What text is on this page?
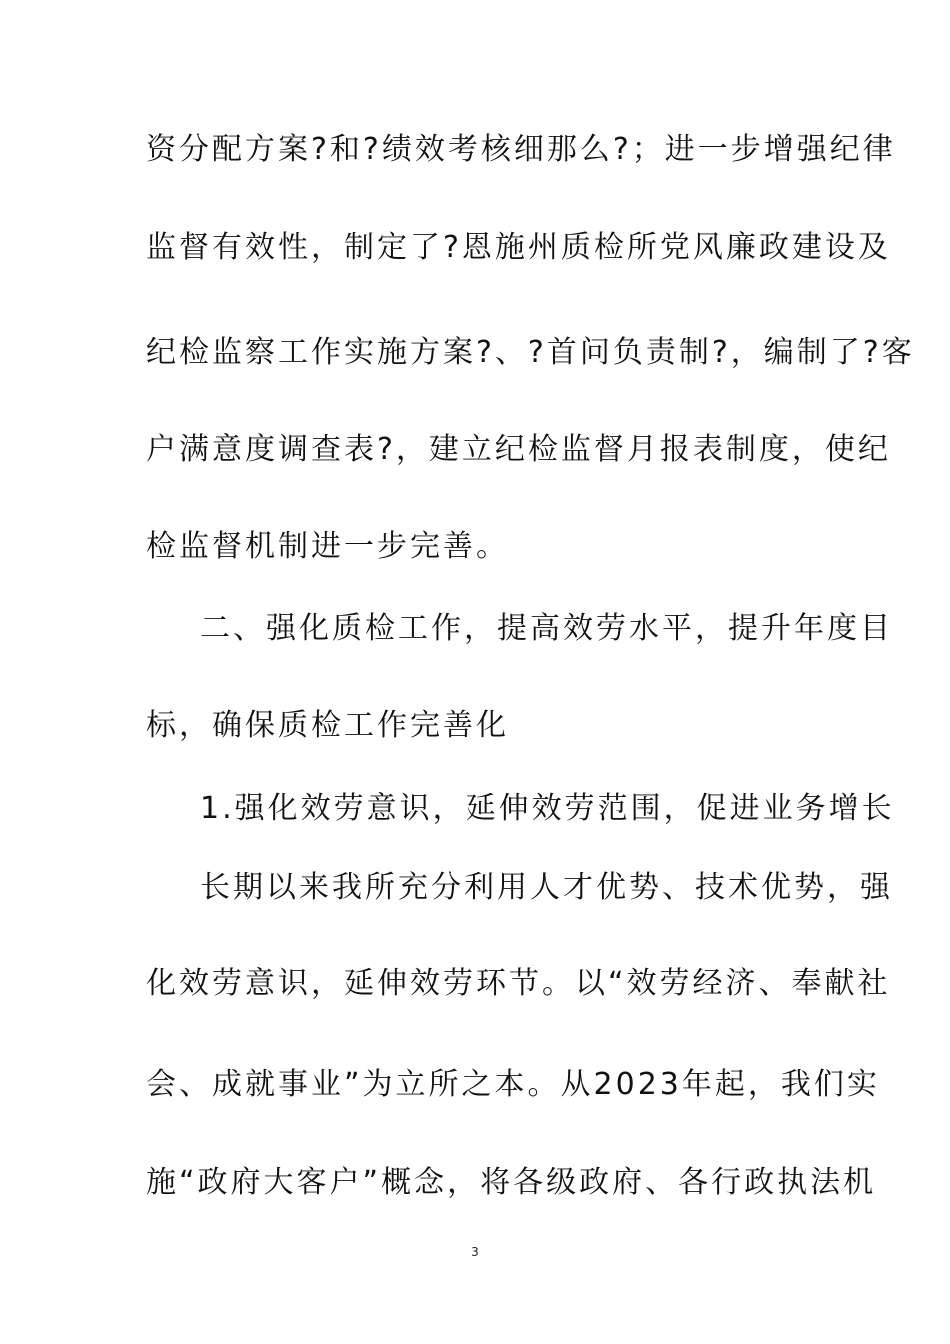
资分配方案?和?绩效考核细那么?；进一步增强纪律
监督有效性，制定了?恩施州质检所党风廉政建设及
纪检监察工作实施方案?、?首问负责制?，编制了?客
户满意度调查表?，建立纪检监督月报表制度，使纪
检监督机制进一步完善。
二、强化质检工作，提高效劳水平，提升年度目
标，确保质检工作完善化
1.强化效劳意识，延伸效劳范围，促进业务增长
长期以来我所充分利用人才优势、技术优势，强
化效劳意识，延伸效劳环节。以“效劳经济、奉献社
会、成就事业”为立所之本。从2023年起，我们实
施“政府大客户”概念，将各级政府、各行政执法机
3
